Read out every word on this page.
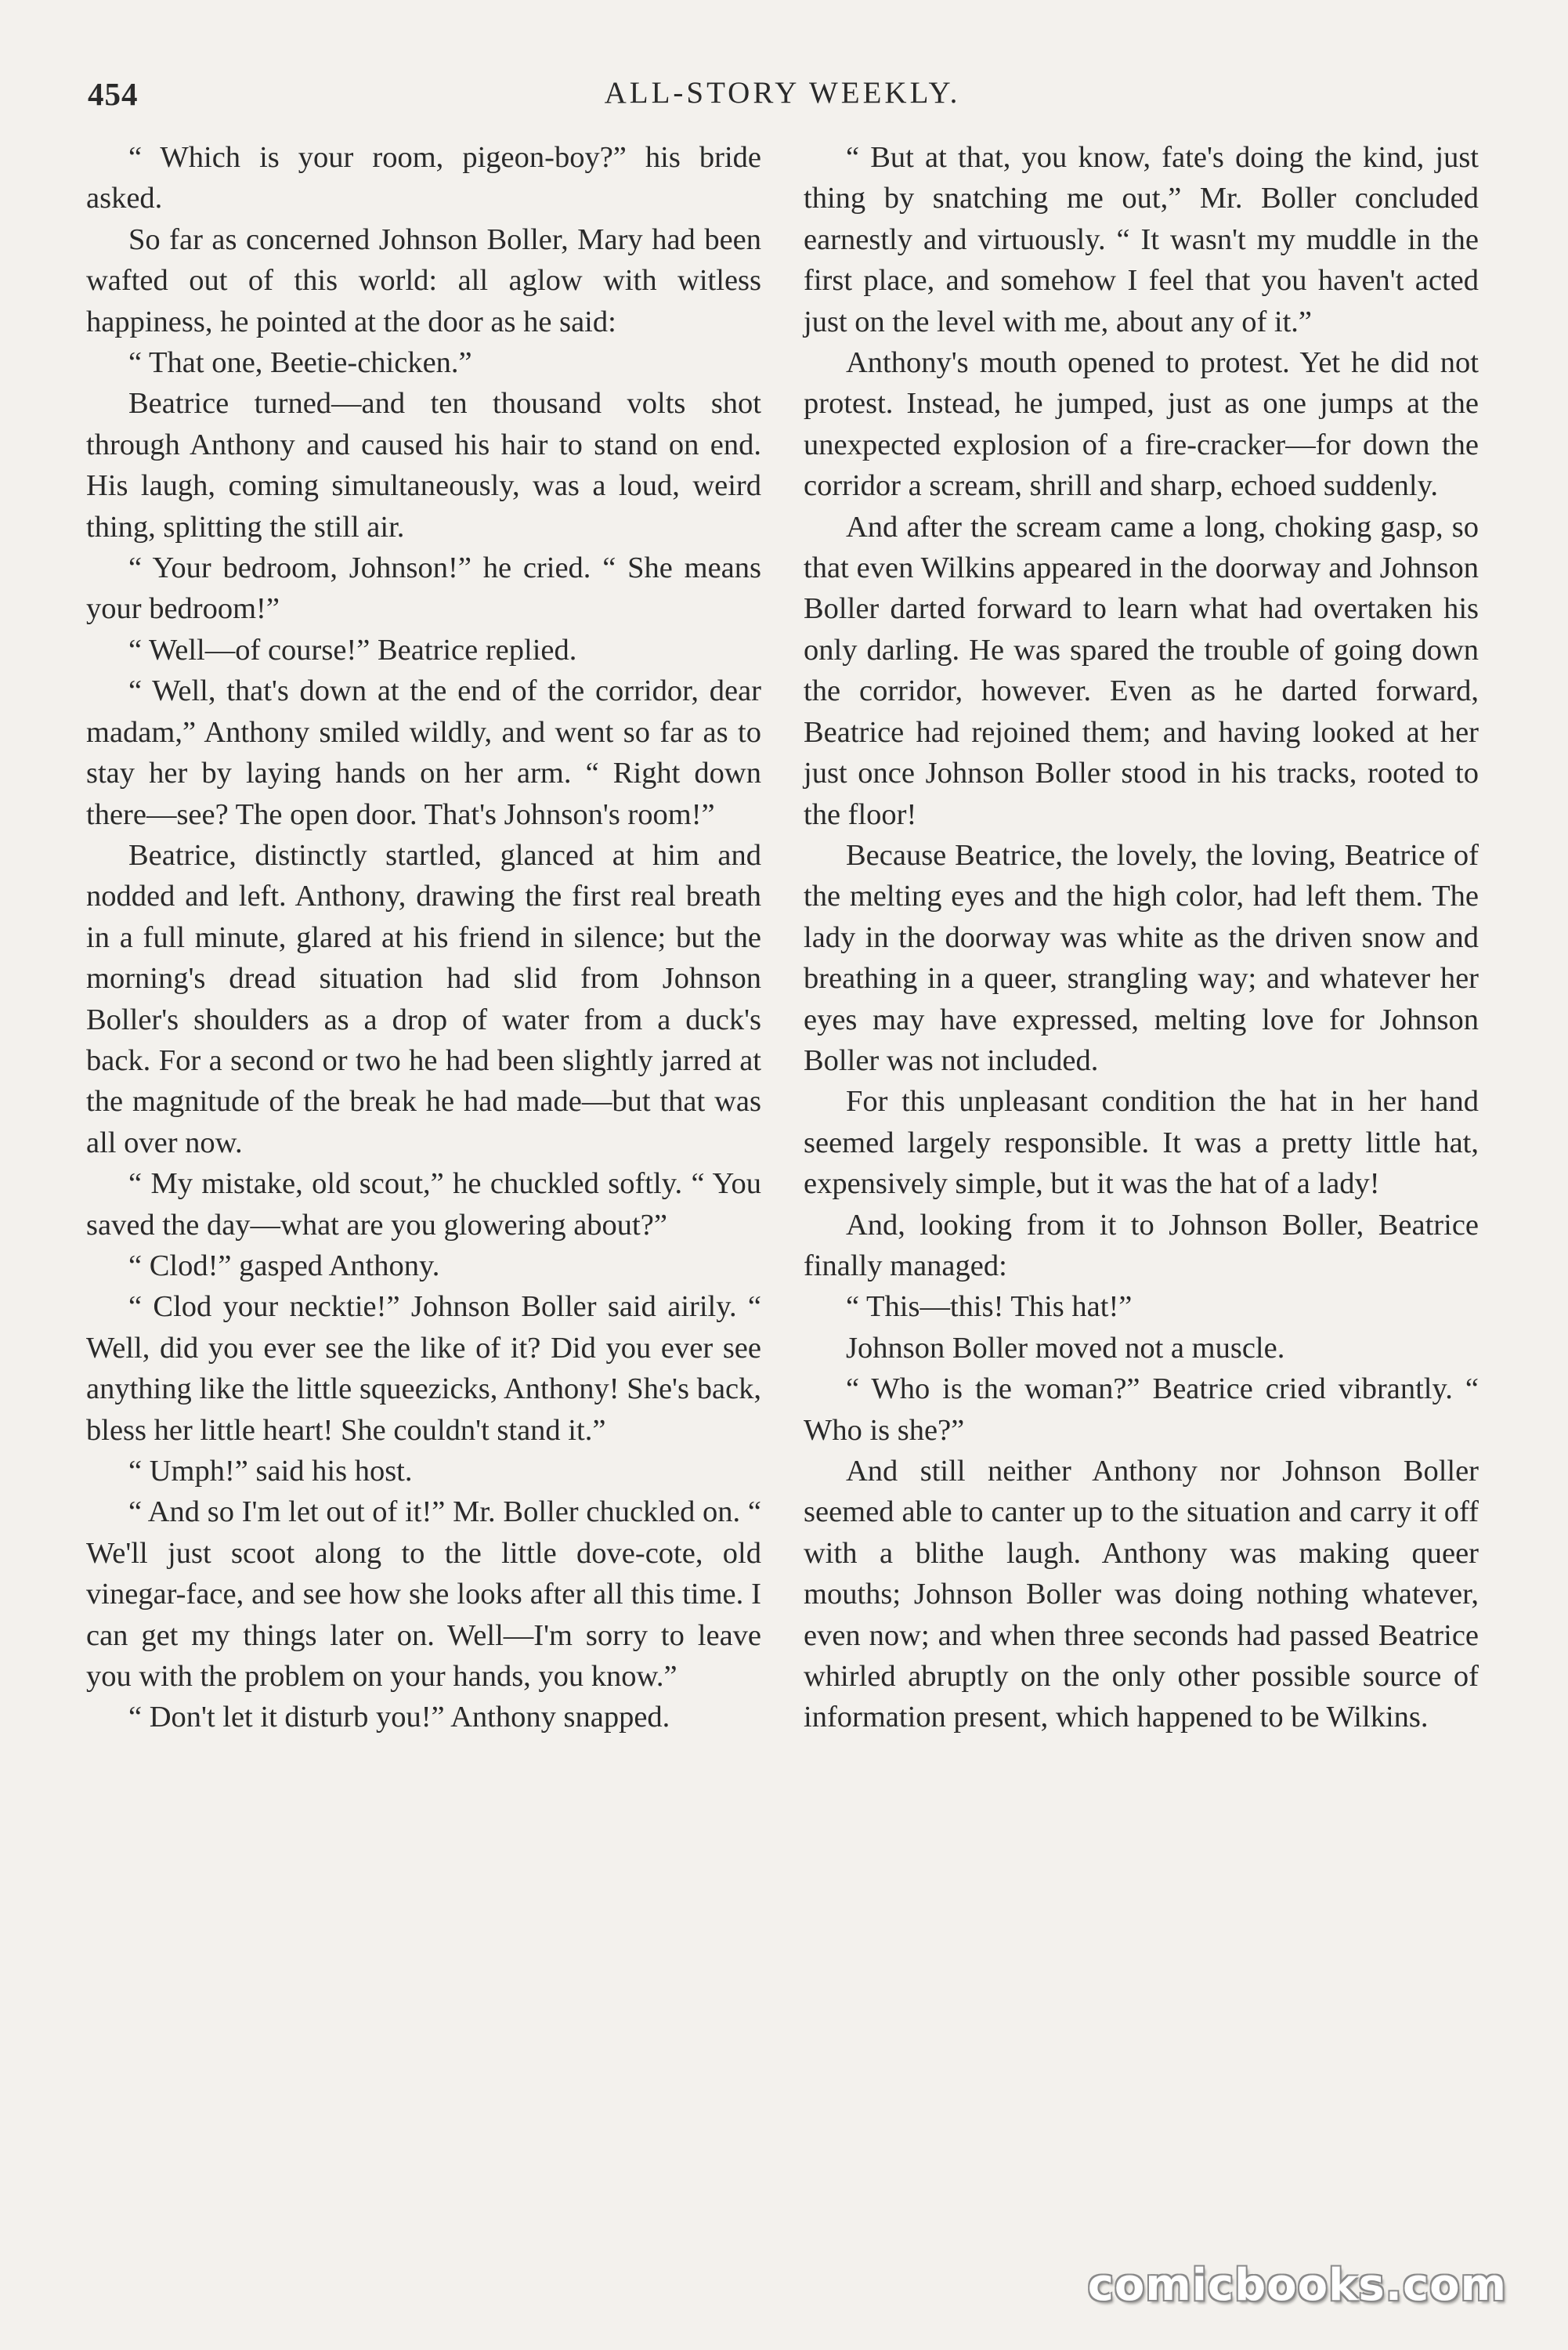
454	ALL-STORY WEEKLY.

“ Which is your room, pigeon-boy?” his bride asked.

So far as concerned Johnson Boller, Mary had been wafted out of this world: all aglow with witless happiness, he pointed at the door as he said:

“ That one, Beetie-chicken.”

Beatrice turned—and ten thousand volts shot through Anthony and caused his hair to stand on end. His laugh, coming simultaneously, was a loud, weird thing, splitting the still air.

“ Your bedroom, Johnson!” he cried. “ She means your bedroom!”

“ Well—of course!” Beatrice replied.

“ Well, that's down at the end of the corridor, dear madam,” Anthony smiled wildly, and went so far as to stay her by laying hands on her arm. “ Right down there—see? The open door. That's Johnson's room!”

Beatrice, distinctly startled, glanced at him and nodded and left. Anthony, drawing the first real breath in a full minute, glared at his friend in silence; but the morning's dread situation had slid from Johnson Boller's shoulders as a drop of water from a duck's back. For a second or two he had been slightly jarred at the magnitude of the break he had made—but that was all over now.

“ My mistake, old scout,” he chuckled softly. “ You saved the day—what are you glowering about?”

“ Clod!” gasped Anthony.

“ Clod your necktie!” Johnson Boller said airily. “ Well, did you ever see the like of it? Did you ever see anything like the little squeezicks, Anthony! She's back, bless her little heart! She couldn't stand it.”

“ Umph!” said his host.

“ And so I'm let out of it!” Mr. Boller chuckled on. “ We'll just scoot along to the little dove-cote, old vinegar-face, and see how she looks after all this time. I can get my things later on. Well—I'm sorry to leave you with the problem on your hands, you know.”

“ Don't let it disturb you!” Anthony snapped.

“ But at that, you know, fate's doing the kind, just thing by snatching me out,” Mr. Boller concluded earnestly and virtuously. “ It wasn't my muddle in the first place, and somehow I feel that you haven't acted just on the level with me, about any of it.”

Anthony's mouth opened to protest. Yet he did not protest. Instead, he jumped, just as one jumps at the unexpected explosion of a fire-cracker—for down the corridor a scream, shrill and sharp, echoed suddenly.

And after the scream came a long, choking gasp, so that even Wilkins appeared in the doorway and Johnson Boller darted forward to learn what had overtaken his only darling. He was spared the trouble of going down the corridor, however. Even as he darted forward, Beatrice had rejoined them; and having looked at her just once Johnson Boller stood in his tracks, rooted to the floor!

Because Beatrice, the lovely, the loving, Beatrice of the melting eyes and the high color, had left them. The lady in the doorway was white as the driven snow and breathing in a queer, strangling way; and whatever her eyes may have expressed, melting love for Johnson Boller was not included.

For this unpleasant condition the hat in her hand seemed largely responsible. It was a pretty little hat, expensively simple, but it was the hat of a lady!

And, looking from it to Johnson Boller, Beatrice finally managed:

“ This—this! This hat!”

Johnson Boller moved not a muscle.

“ Who is the woman?” Beatrice cried vibrantly. “ Who is she?”

And still neither Anthony nor Johnson Boller seemed able to canter up to the situation and carry it off with a blithe laugh. Anthony was making queer mouths; Johnson Boller was doing nothing whatever, even now; and when three seconds had passed Beatrice whirled abruptly on the only other possible source of information present, which happened to be Wilkins.

comicbooks.com
